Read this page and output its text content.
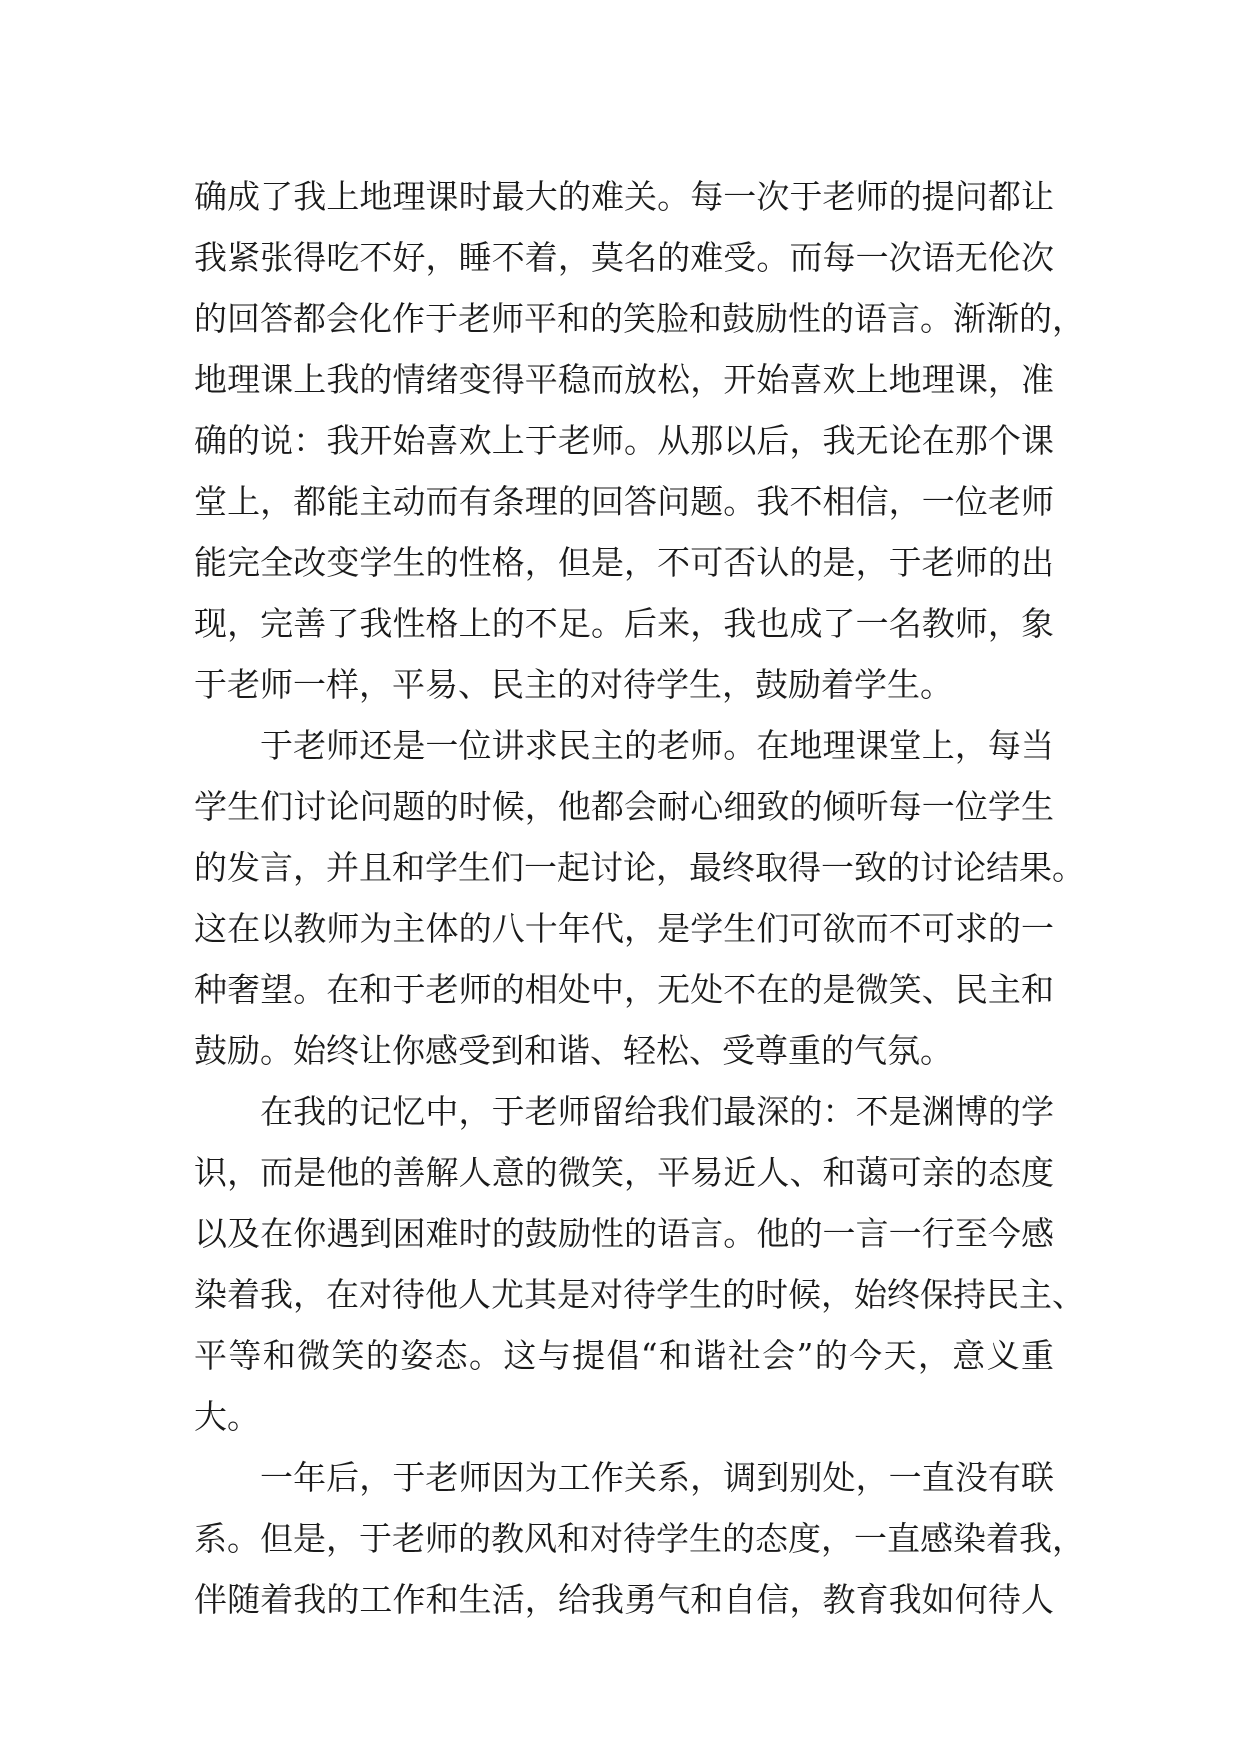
确成了我上地理课时最大的难关。每一次于老师的提问都让
我紧张得吃不好，睡不着，莫名的难受。而每一次语无伦次
的回答都会化作于老师平和的笑脸和鼓励性的语言。渐渐的，
地理课上我的情绪变得平稳而放松，开始喜欢上地理课，准
确的说：我开始喜欢上于老师。从那以后，我无论在那个课
堂上，都能主动而有条理的回答问题。我不相信，一位老师
能完全改变学生的性格，但是，不可否认的是，于老师的出
现，完善了我性格上的不足。后来，我也成了一名教师，象
于老师一样，平易、民主的对待学生，鼓励着学生。
于老师还是一位讲求民主的老师。在地理课堂上，每当
学生们讨论问题的时候，他都会耐心细致的倾听每一位学生
的发言，并且和学生们一起讨论，最终取得一致的讨论结果。
这在以教师为主体的八十年代，是学生们可欲而不可求的一
种奢望。在和于老师的相处中，无处不在的是微笑、民主和
鼓励。始终让你感受到和谐、轻松、受尊重的气氛。
在我的记忆中，于老师留给我们最深的：不是渊博的学
识，而是他的善解人意的微笑，平易近人、和蔼可亲的态度
以及在你遇到困难时的鼓励性的语言。他的一言一行至今感
染着我，在对待他人尤其是对待学生的时候，始终保持民主、
平等和微笑的姿态。这与提倡“和谐社会”的今天，意义重
大。
一年后，于老师因为工作关系，调到别处，一直没有联
系。但是，于老师的教风和对待学生的态度，一直感染着我，
伴随着我的工作和生活，给我勇气和自信，教育我如何待人
